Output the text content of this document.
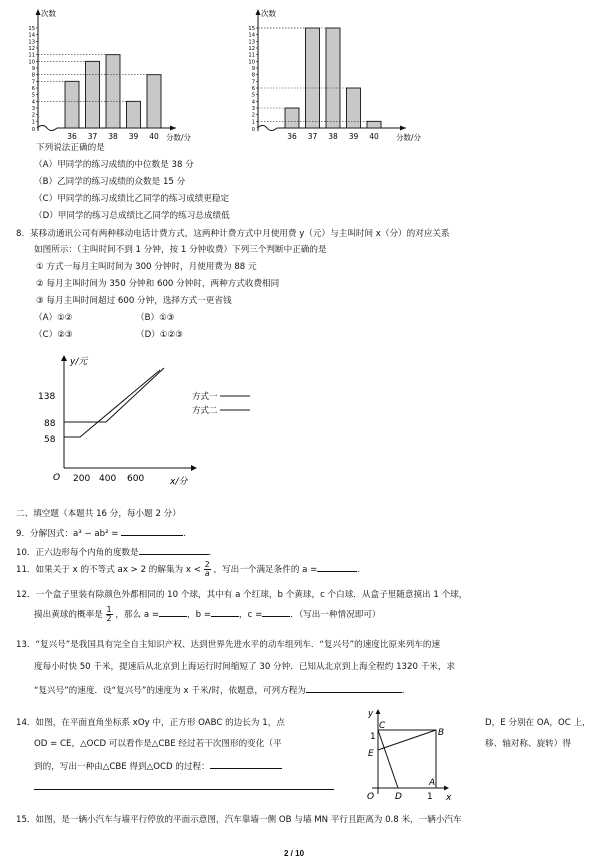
1
2
3
4
5
6
7
8
9
10
11
12
13
14
15
0
次数
分数/分
36 37 38 39 40
1
2
3
4
5
6
7
8
9
10
11
12
13
14
15
0
次数
分数/分
36 37 38 39 40
下列说法正确的是
（A）甲同学的练习成绩的中位数是 38 分
（B）乙同学的练习成绩的众数是 15 分
（C）甲同学的练习成绩比乙同学的练习成绩更稳定
（D）甲同学的练习总成绩比乙同学的练习总成绩低
8．某移动通讯公司有两种移动电话计费方式，这两种计费方式中月使用费 y（元）与主叫时间 x（分）的对应关系
如图所示：（主叫时间不到 1 分钟，按 1 分钟收费）下列三个判断中正确的是
① 方式一每月主叫时间为 300 分钟时，月使用费为 88 元
② 每月主叫时间为 350 分钟和 600 分钟时，两种方式收费相同
③ 每月主叫时间超过 600 分钟，选择方式一更省钱
（A）①②	（B）①③
（C）②③	（D）①②③
y/元
x/分
O
138
88
58
200 400 600
方式一
方式二
二、填空题（本题共 16 分，每小题 2 分）
9．分解因式：a³ − ab² =	.
10．正六边形每个内角的度数是	.
11．如果关于 x 的不等式 ax > 2 的解集为 $x < \frac{2}{a}$ ，写出一个满足条件的 a =	.
12．一个盒子里装有除颜色外都相同的 10 个球，其中有 a 个红球，b 个黄球，c 个白球．从盒子里随意摸出 1 个球，
摸出黄球的概率是 $\frac{1}{2}$ ，那么 a =	，b =	，c =	．（写出一种情况即可）
13．“复兴号”是我国具有完全自主知识产权、达到世界先进水平的动车组列车．“复兴号”的速度比原来列车的速
度每小时快 50 千米，提速后从北京到上海运行时间缩短了 30 分钟．已知从北京到上海全程约 1320 千米，求
“复兴号”的速度．设“复兴号”的速度为 x 千米/时，依题意，可列方程为	．
14．如图，在平面直角坐标系 xOy 中，正方形 OABC 的边长为 1，点	D，E 分别在 OA，OC 上，
OD = CE，△OCD 可以看作是△CBE 经过若干次图形的变化（平	移、轴对称、旋转）得
到的，写出一种由△CBE 得到△OCD 的过程：
y
x
C
B
E
A
O D
1
1
15．如图，是一辆小汽车与墙平行停放的平面示意图，汽车靠墙一侧 OB 与墙 MN 平行且距离为 0.8 米，一辆小汽车
2 / 10
